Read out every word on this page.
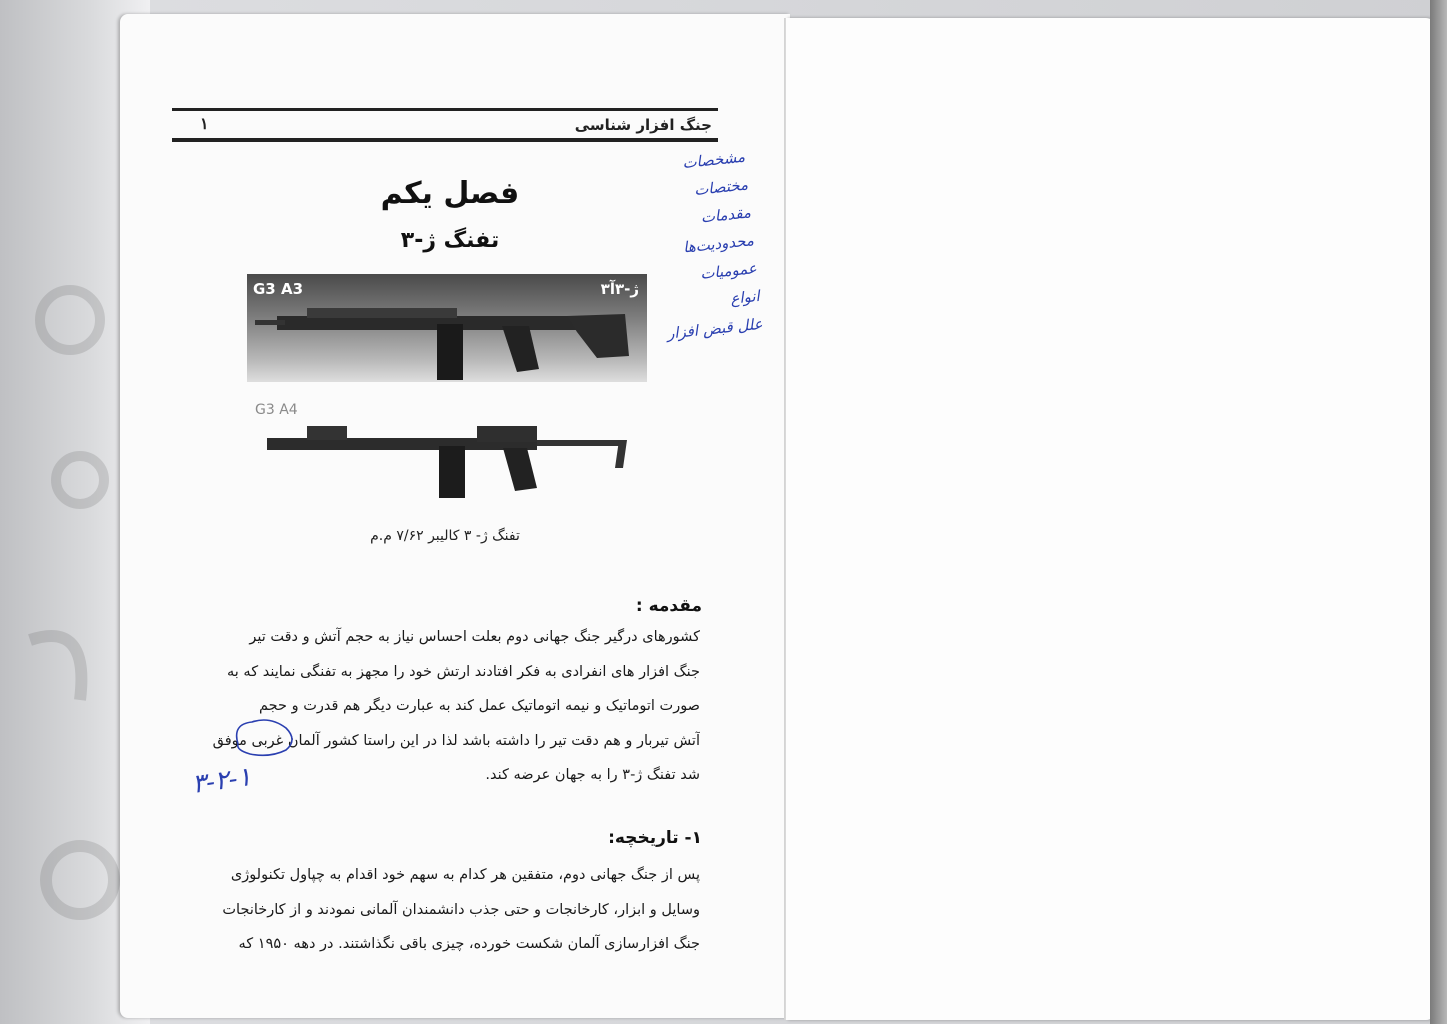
جنگ افزار شناسی
۱
فصل یکم
تفنگ ژ-۳
G3 A3	ژ-۳آ۳
G3 A4
تفنگ ژ- ۳ کالیبر ۷/۶۲ م.م
مقدمه :
کشورهای درگیر جنگ جهانی دوم بعلت احساس نیاز به حجم آتش و دقت تیر
جنگ افزار های انفرادی به فکر افتادند ارتش خود را مجهز به تفنگی نمایند که به
صورت اتوماتیک و نیمه اتوماتیک عمل کند به عبارت دیگر هم قدرت و حجم
آتش تیربار و هم دقت تیر را داشته باشد لذا در این راستا کشور آلمان غربی موفق
شد تفنگ ژ-۳ را به جهان عرضه کند.
۱- تاریخچه:
پس از جنگ جهانی دوم، متفقین هر کدام به سهم خود اقدام به چپاول تکنولوژی
وسایل و ابزار، کارخانجات و حتی جذب دانشمندان آلمانی نمودند و از کارخانجات
جنگ افزارسازی آلمان شکست خورده، چیزی باقی نگذاشتند. در دهه ۱۹۵۰ که
مشخصات
مختصات
مقدمات
محدودیت‌ها
عمومیات
انواع
علل قبض افزار
۳-۲-۱
